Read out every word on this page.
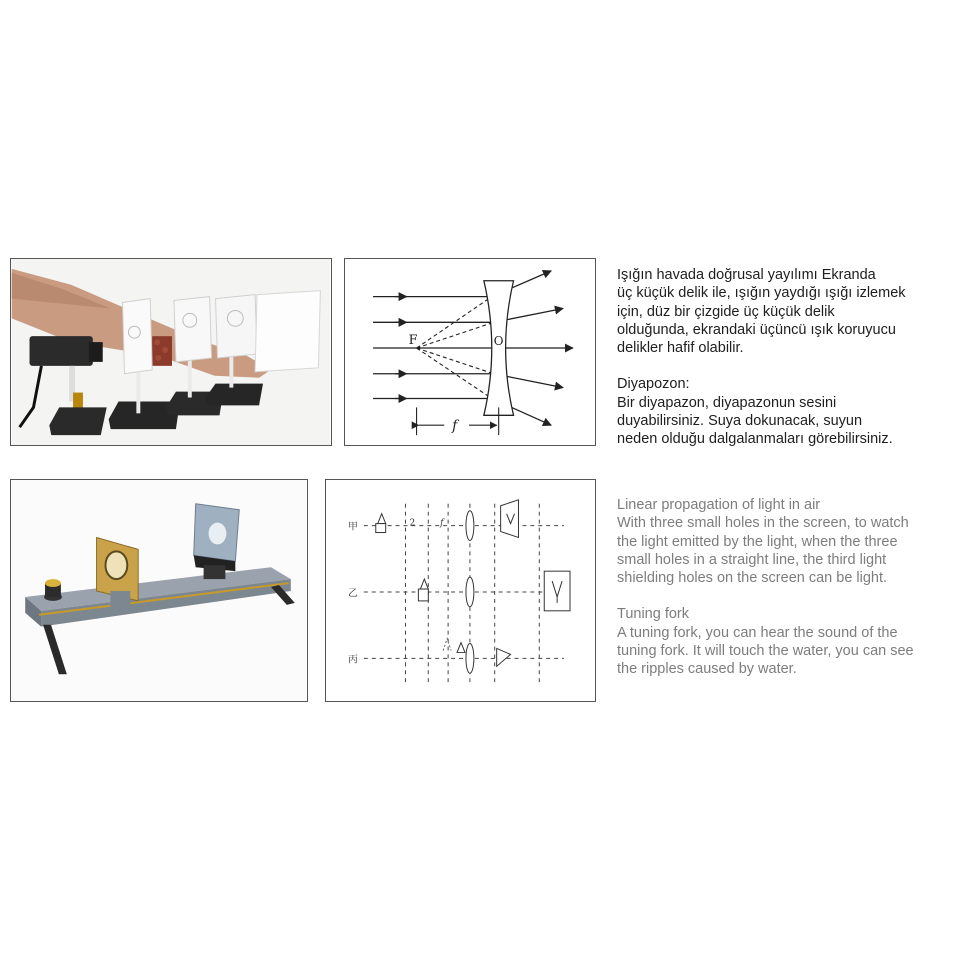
F	O
f
甲
乙
丙
2	f

Işığın havada doğrusal yayılımı Ekranda

üç küçük delik ile, ışığın yaydığı ışığı izlemek

için, düz bir çizgide üç küçük delik

olduğunda, ekrandaki üçüncü ışık koruyucu

delikler hafif olabilir.

Diyapozon:

Bir diyapazon, diyapazonun sesini

duyabilirsiniz. Suya dokunacak, suyun

neden olduğu dalgalanmaları görebilirsiniz.

Linear propagation of light in air

With three small holes in the screen, to watch

the light emitted by the light, when the three

small holes in a straight line, the third light

shielding holes on the screen can be light.

Tuning fork

A tuning fork, you can hear the sound of the

tuning fork. It will touch the water, you can see

the ripples caused by water.
